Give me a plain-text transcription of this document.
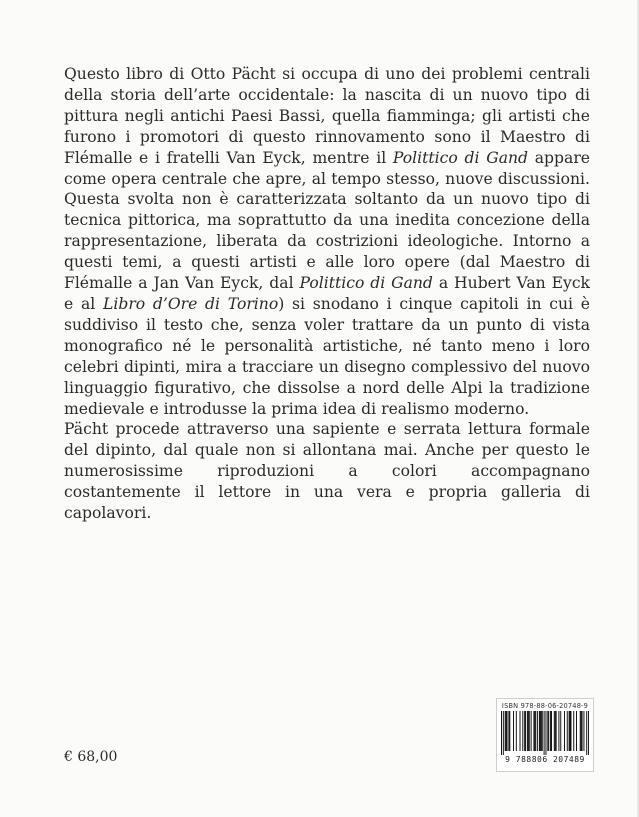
Questo libro di Otto Pächt si occupa di uno dei problemi centrali della storia dell’arte occidentale: la nascita di un nuovo tipo di pittura negli antichi Paesi Bassi, quella fiamminga; gli artisti che furono i promotori di questo rinnovamento sono il Maestro di Flémalle e i fratelli Van Eyck, mentre il Polittico di Gand appare come opera centrale che apre, al tempo stesso, nuove discussioni. Questa svolta non è caratterizzata soltanto da un nuovo tipo di tecnica pittorica, ma soprattutto da una inedita concezione della rappresentazione, liberata da costrizioni ideologiche. Intorno a questi temi, a questi artisti e alle loro opere (dal Maestro di Flémalle a Jan Van Eyck, dal Polittico di Gand a Hubert Van Eyck e al Libro d’Ore di Torino) si snodano i cinque capitoli in cui è suddiviso il testo che, senza voler trattare da un punto di vista monografico né le personalità artistiche, né tanto meno i loro celebri dipinti, mira a tracciare un disegno complessivo del nuovo linguaggio figurativo, che dissolse a nord delle Alpi la tradizione medievale e introdusse la prima idea di realismo moderno.

Pächt procede attraverso una sapiente e serrata lettura formale del dipinto, dal quale non si allontana mai. Anche per questo le numerosissime riproduzioni a colori accompagnano costantemente il lettore in una vera e propria galleria di capolavori.

€ 68,00
ISBN 978-88-06-20748-9
9 788806 207489
